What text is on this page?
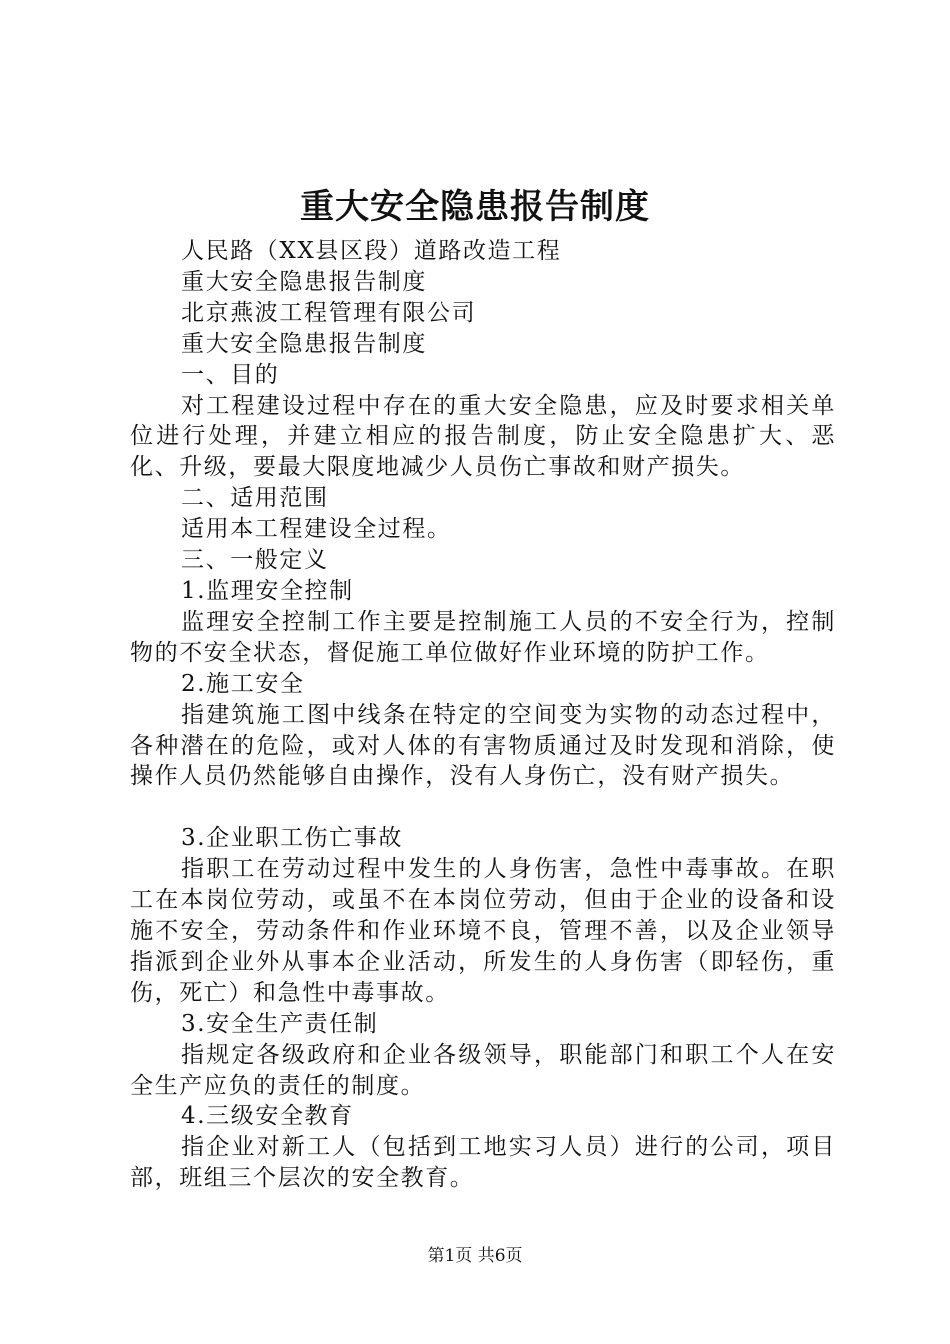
重大安全隐患报告制度

人民路（XX县区段）道路改造工程

重大安全隐患报告制度

北京燕波工程管理有限公司

重大安全隐患报告制度

一、目的

对工程建设过程中存在的重大安全隐患，应及时要求相关单位进行处理，并建立相应的报告制度，防止安全隐患扩大、恶化、升级，要最大限度地减少人员伤亡事故和财产损失。

二、适用范围

适用本工程建设全过程。

三、一般定义

1.监理安全控制

监理安全控制工作主要是控制施工人员的不安全行为，控制物的不安全状态，督促施工单位做好作业环境的防护工作。

2.施工安全

指建筑施工图中线条在特定的空间变为实物的动态过程中，各种潜在的危险，或对人体的有害物质通过及时发现和消除，使操作人员仍然能够自由操作，没有人身伤亡，没有财产损失。

3.企业职工伤亡事故

指职工在劳动过程中发生的人身伤害，急性中毒事故。在职工在本岗位劳动，或虽不在本岗位劳动，但由于企业的设备和设施不安全，劳动条件和作业环境不良，管理不善，以及企业领导指派到企业外从事本企业活动，所发生的人身伤害（即轻伤，重伤，死亡）和急性中毒事故。

3.安全生产责任制

指规定各级政府和企业各级领导，职能部门和职工个人在安全生产应负的责任的制度。

4.三级安全教育

指企业对新工人（包括到工地实习人员）进行的公司，项目部，班组三个层次的安全教育。

第1页 共6页
